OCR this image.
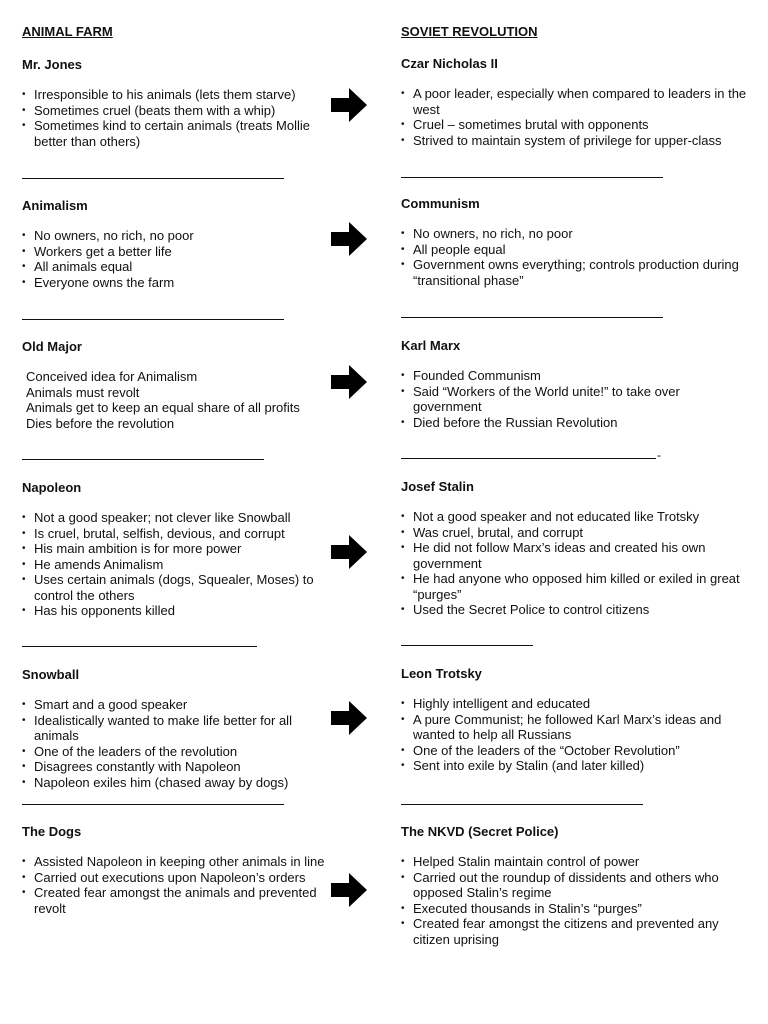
ANIMAL FARM	SOVIET REVOLUTION
Mr. Jones
• Irresponsible to his animals (lets them starve)
• Sometimes cruel (beats them with a whip)
• Sometimes kind to certain animals (treats Mollie better than others)
Czar Nicholas II
• A poor leader, especially when compared to leaders in the west
• Cruel – sometimes brutal with opponents
• Strived to maintain system of privilege for upper-class
Animalism
• No owners, no rich, no poor
• Workers get a better life
• All animals equal
• Everyone owns the farm
Communism
• No owners, no rich, no poor
• All people equal
• Government owns everything; controls production during “transitional phase”
Old Major
Conceived idea for Animalism
Animals must revolt
Animals get to keep an equal share of all profits
Dies before the revolution
Karl Marx
• Founded Communism
• Said “Workers of the World unite!” to take over government
• Died before the Russian Revolution
-
Napoleon
• Not a good speaker; not clever like Snowball
• Is cruel, brutal, selfish, devious, and corrupt
• His main ambition is for more power
• He amends Animalism
• Uses certain animals (dogs, Squealer, Moses) to control the others
• Has his opponents killed
Josef Stalin
• Not a good speaker and not educated like Trotsky
• Was cruel, brutal, and corrupt
• He did not follow Marx’s ideas and created his own government
• He had anyone who opposed him killed or exiled in great “purges”
• Used the Secret Police to control citizens
Snowball
• Smart and a good speaker
• Idealistically wanted to make life better for all animals
• One of the leaders of the revolution
• Disagrees constantly with Napoleon
• Napoleon exiles him (chased away by dogs)
Leon Trotsky
• Highly intelligent and educated
• A pure Communist; he followed Karl Marx’s ideas and wanted to help all Russians
• One of the leaders of the “October Revolution”
• Sent into exile by Stalin (and later killed)
The Dogs
• Assisted Napoleon in keeping other animals in line
• Carried out executions upon Napoleon’s orders
• Created fear amongst the animals and prevented revolt
The NKVD (Secret Police)
• Helped Stalin maintain control of power
• Carried out the roundup of dissidents and others who opposed Stalin’s regime
• Executed thousands in Stalin’s “purges”
• Created fear amongst the citizens and prevented any citizen uprising
